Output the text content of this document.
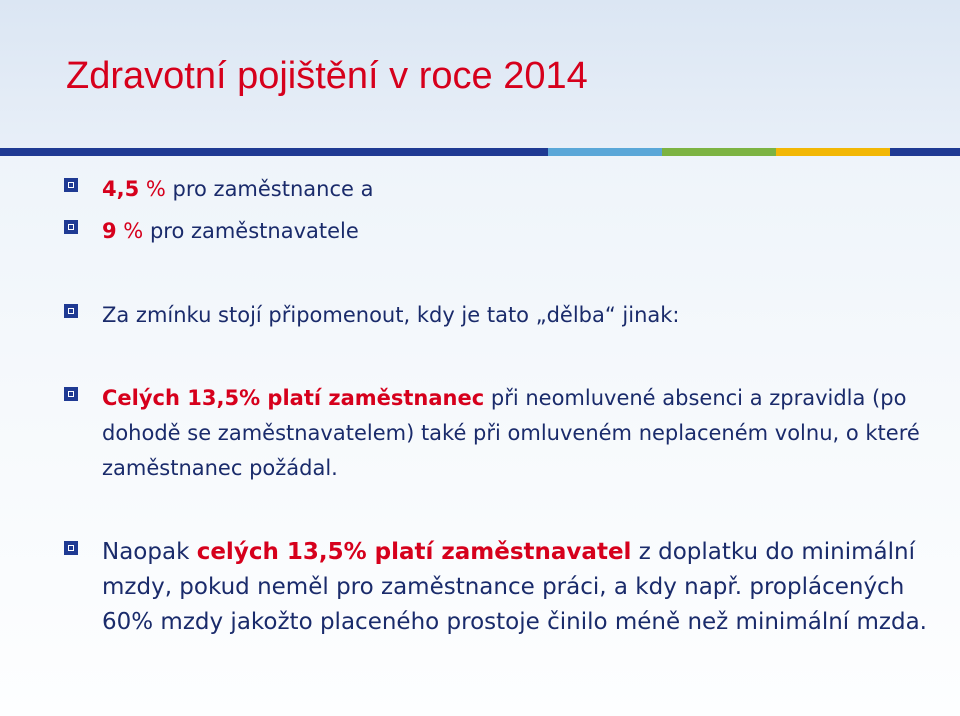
Zdravotní pojištění v roce 2014
4,5 % pro zaměstnance a
9 % pro zaměstnavatele
Za zmínku stojí připomenout, kdy je tato „dělba“ jinak:
Celých 13,5% platí zaměstnanec při neomluvené absenci a zpravidla (po dohodě se zaměstnavatelem) také při omluveném neplaceném volnu, o které zaměstnanec požádal.
Naopak celých 13,5% platí zaměstnavatel z doplatku do minimální mzdy, pokud neměl pro zaměstnance práci, a kdy např. proplácených 60% mzdy jakožto placeného prostoje činilo méně než minimální mzda.
